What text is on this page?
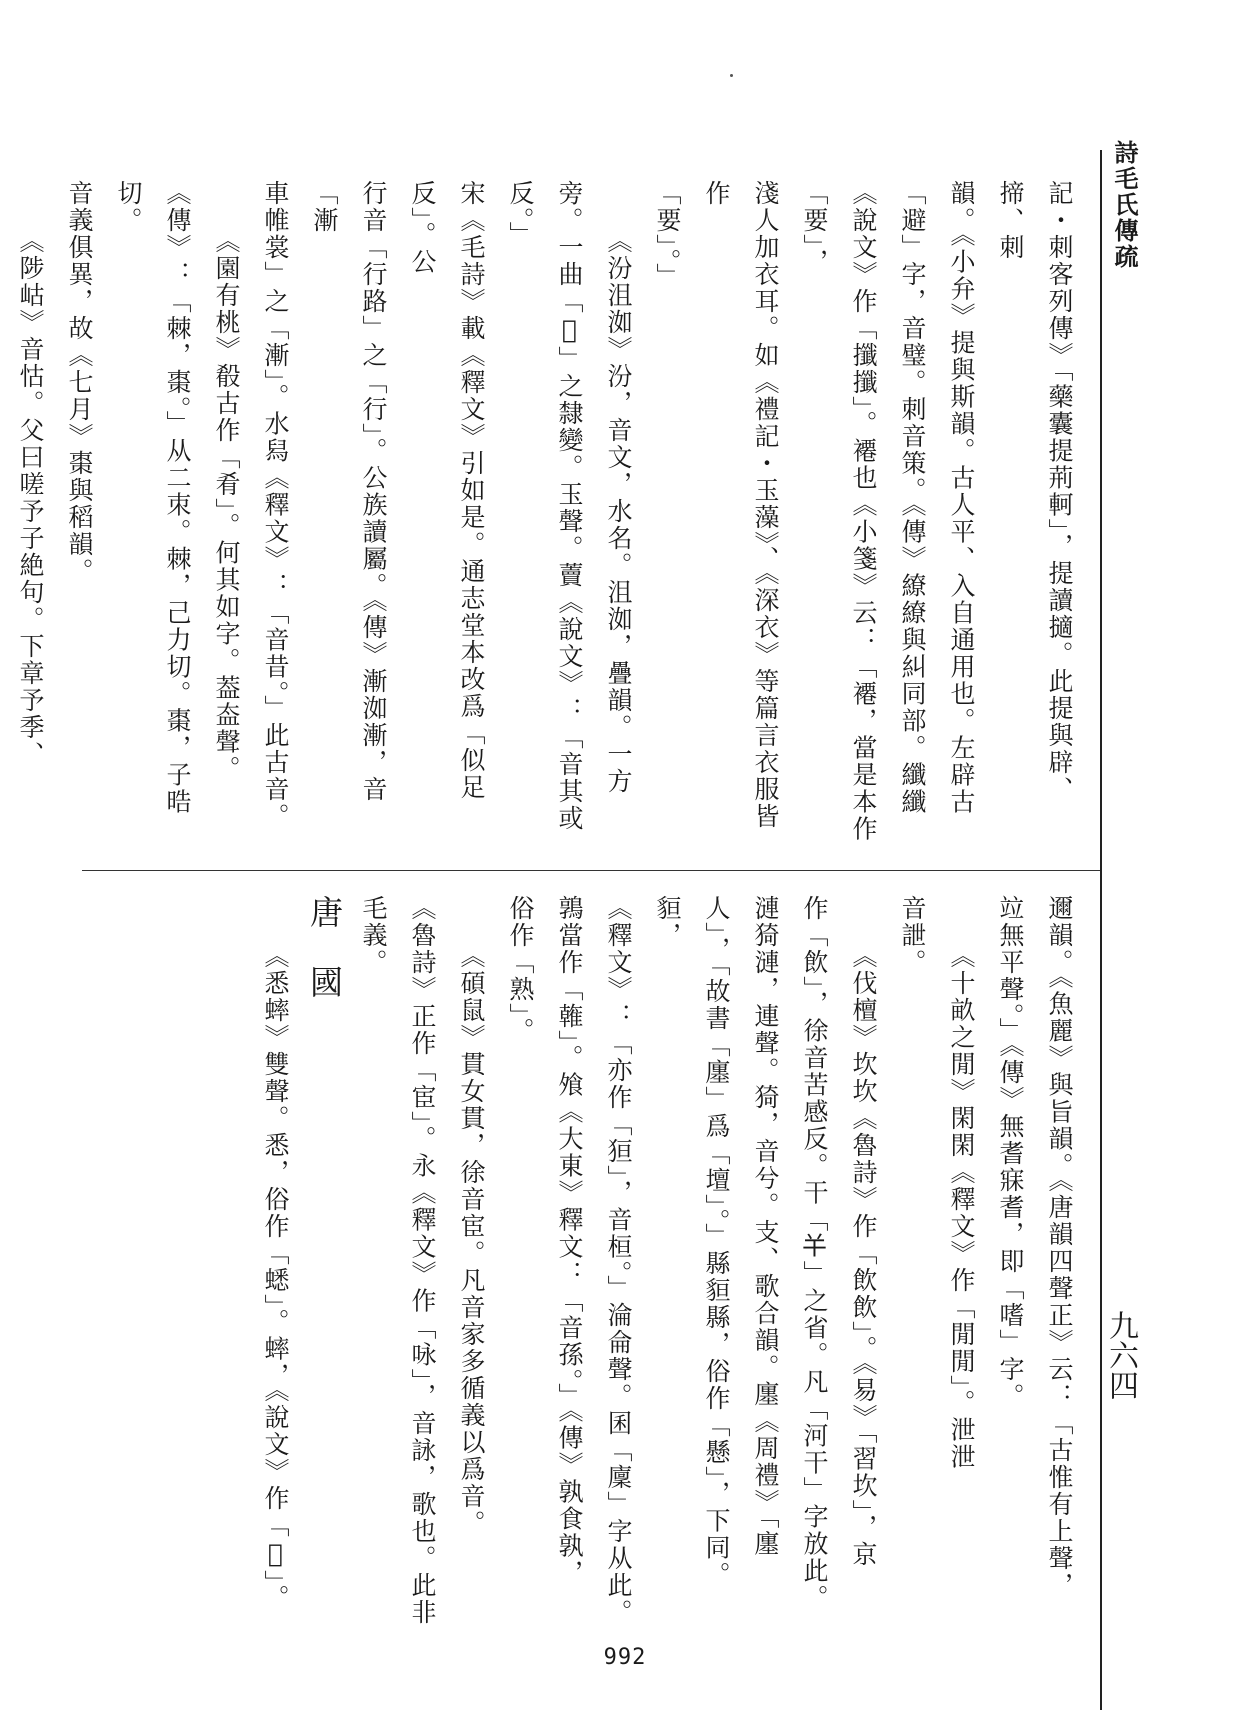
詩毛氏傳疏
九六四
記・刺客列傳》「藥囊提荊軻」，提讀擿。此提與辟、揥、刺
韻。《小弁》提與斯韻。古人平、入自通用也。左辟古
「避」字，音璧。刺音策。《傳》繚繚與糾同部。纖纖
《說文》作「攕攕」。褼也《小箋》云：「褼，當是本作「要」，
淺人加衣耳。如《禮記・玉藻》、《深衣》等篇言衣服皆作
「要」。」
《汾沮洳》汾，音文，水名。沮洳，疊韻。一方
旁。一曲「𠚕」之隸變。玉聲。藚《說文》：「音其或反。」
宋《毛詩》載《釋文》引如是。通志堂本改爲「似足反」。公
行音「行路」之「行」。公族讀屬。《傳》漸洳漸，音「漸
車帷裳」之「漸」。水舄《釋文》：「音昔。」此古音。
《園有桃》殽古作「肴」。何其如字。葢盇聲。
《傳》：「棘，棗。」从二朿。棘，己力切。棗，子晧切。
音義俱異，故《七月》棗與稻韻。
《陟岵》音怙。父曰嗟予子絶句。下章予季、
邇韻。《魚麗》與旨韻。《唐韻四聲正》云：「古惟有上聲，
竝無平聲。」《傳》無耆寐耆，即「嗜」字。
《十畝之閒》閑閑《釋文》作「閒閒」。泄泄
音詍。
《伐檀》坎坎《魯詩》作「飲飲」。《易》「習坎」，京
作「飲」，徐音苦感反。干「𢆉」之省。凡「河干」字放此。
漣猗漣，連聲。猗，音兮。支、歌合韻。廛《周禮》「廛
人」，「故書「廛」爲「壇」。」縣貆縣，俗作「懸」，下同。貆，
《釋文》：「亦作「狟」，音桓。」淪侖聲。囷「廩」字从此。
鶉當作「雗」。飧《大東》釋文：「音孫。」《傳》孰食孰，
俗作「熟」。
《碩鼠》貫女貫，徐音宦。凡音家多循義以爲音。
《魯詩》正作「宦」。永《釋文》作「咏」，音詠，歌也。此非
毛義。
唐　國
《悉蟀》雙聲。悉，俗作「蟋」。蟀，《說文》作「𧍐」。
992
